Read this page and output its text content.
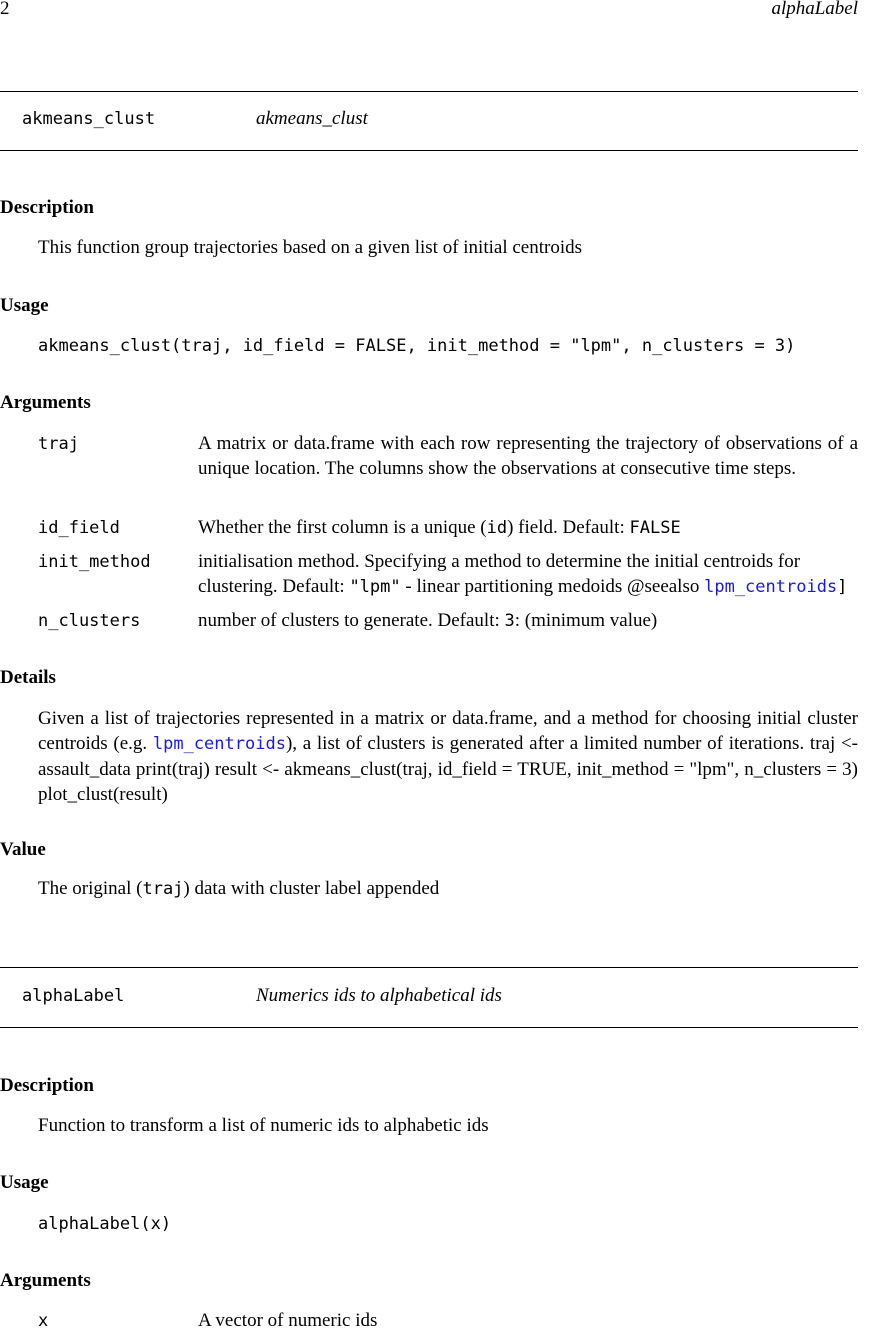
2	alphaLabel
akmeans_clust	akmeans_clust
Description
This function group trajectories based on a given list of initial centroids
Usage
akmeans_clust(traj, id_field = FALSE, init_method = "lpm", n_clusters = 3)
Arguments
traj	A matrix or data.frame with each row representing the trajectory of observations of a unique location. The columns show the observations at consecutive time steps.
id_field	Whether the first column is a unique (id) field. Default: FALSE
init_method initialisation method. Specifying a method to determine the initial centroids for
clustering. Default: "lpm" - linear partitioning medoids @seealso lpm_centroids]
n_clusters	number of clusters to generate. Default: 3: (minimum value)
Details
Given a list of trajectories represented in a matrix or data.frame, and a method for choosing initial cluster centroids (e.g. lpm_centroids), a list of clusters is generated after a limited number of iterations. traj <- assault_data print(traj) result <- akmeans_clust(traj, id_field = TRUE, init_method = "lpm", n_clusters = 3) plot_clust(result)
Value
The original (traj) data with cluster label appended
alphaLabel	Numerics ids to alphabetical ids
Description
Function to transform a list of numeric ids to alphabetic ids
Usage
alphaLabel(x)
Arguments
x	A vector of numeric ids
